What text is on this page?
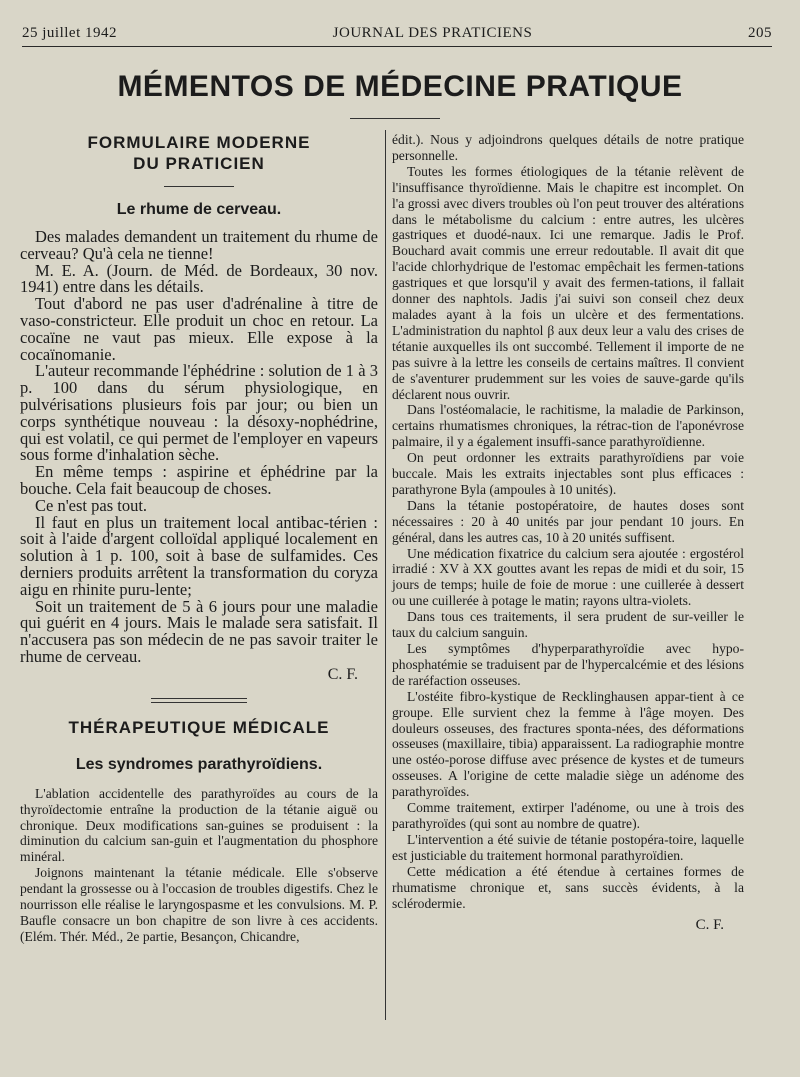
25 juillet 1942	JOURNAL DES PRATICIENS	205
MÉMENTOS DE MÉDECINE PRATIQUE
FORMULAIRE MODERNE
DU PRATICIEN
Le rhume de cerveau.

Des malades demandent un traitement du rhume de cerveau? Qu'à cela ne tienne!

M. E. A. (Journ. de Méd. de Bordeaux, 30 nov. 1941) entre dans les détails.

Tout d'abord ne pas user d'adrénaline à titre de vaso-constricteur. Elle produit un choc en retour. La cocaïne ne vaut pas mieux. Elle expose à la cocaïnomanie.

L'auteur recommande l'éphédrine : solution de 1 à 3 p. 100 dans du sérum physiologique, en pulvérisations plusieurs fois par jour; ou bien un corps synthétique nouveau : la désoxy-nophédrine, qui est volatil, ce qui permet de l'employer en vapeurs sous forme d'inhalation sèche.

En même temps : aspirine et éphédrine par la bouche. Cela fait beaucoup de choses.

Ce n'est pas tout.

Il faut en plus un traitement local antibac-térien : soit à l'aide d'argent colloïdal appliqué localement en solution à 1 p. 100, soit à base de sulfamides. Ces derniers produits arrêtent la transformation du coryza aigu en rhinite puru-lente;

Soit un traitement de 5 à 6 jours pour une maladie qui guérit en 4 jours. Mais le malade sera satisfait. Il n'accusera pas son médecin de ne pas savoir traiter le rhume de cerveau.

C. F.
THÉRAPEUTIQUE MÉDICALE
Les syndromes parathyroïdiens.

L'ablation accidentelle des parathyroïdes au cours de la thyroïdectomie entraîne la production de la tétanie aiguë ou chronique. Deux modifications san-guines se produisent : la diminution du calcium san-guin et l'augmentation du phosphore minéral.

Joignons maintenant la tétanie médicale. Elle s'observe pendant la grossesse ou à l'occasion de troubles digestifs. Chez le nourrisson elle réalise le laryngospasme et les convulsions. M. P. Baufle consacre un bon chapitre de son livre à ces accidents. (Elém. Thér. Méd., 2e partie, Besançon, Chicandre,

édit.). Nous y adjoindrons quelques détails de notre pratique personnelle.

Toutes les formes étiologiques de la tétanie relèvent de l'insuffisance thyroïdienne. Mais le chapitre est incomplet. On l'a grossi avec divers troubles où l'on peut trouver des altérations dans le métabolisme du calcium : entre autres, les ulcères gastriques et duodé-naux. Ici une remarque. Jadis le Prof. Bouchard avait commis une erreur redoutable. Il avait dit que l'acide chlorhydrique de l'estomac empêchait les fermen-tations gastriques et que lorsqu'il y avait des fermen-tations, il fallait donner des naphtols. Jadis j'ai suivi son conseil chez deux malades ayant à la fois un ulcère et des fermentations. L'administration du naphtol β aux deux leur a valu des crises de tétanie auxquelles ils ont succombé. Tellement il importe de ne pas suivre à la lettre les conseils de certains maîtres. Il convient de s'aventurer prudemment sur les voies de sauve-garde qu'ils déclarent nous ouvrir.

Dans l'ostéomalacie, le rachitisme, la maladie de Parkinson, certains rhumatismes chroniques, la rétrac-tion de l'aponévrose palmaire, il y a également insuffi-sance parathyroïdienne.

On peut ordonner les extraits parathyroïdiens par voie buccale. Mais les extraits injectables sont plus efficaces : parathyrone Byla (ampoules à 10 unités).

Dans la tétanie postopératoire, de hautes doses sont nécessaires : 20 à 40 unités par jour pendant 10 jours. En général, dans les autres cas, 10 à 20 unités suffisent.

Une médication fixatrice du calcium sera ajoutée : ergostérol irradié : XV à XX gouttes avant les repas de midi et du soir, 15 jours de temps; huile de foie de morue : une cuillerée à dessert ou une cuillerée à potage le matin; rayons ultra-violets.

Dans tous ces traitements, il sera prudent de sur-veiller le taux du calcium sanguin.

Les symptômes d'hyperparathyroïdie avec hypo-phosphatémie se traduisent par de l'hypercalcémie et des lésions de raréfaction osseuses.

L'ostéite fibro-kystique de Recklinghausen appar-tient à ce groupe. Elle survient chez la femme à l'âge moyen. Des douleurs osseuses, des fractures sponta-nées, des déformations osseuses (maxillaire, tibia) apparaissent. La radiographie montre une ostéo-porose diffuse avec présence de kystes et de tumeurs osseuses. A l'origine de cette maladie siège un adénome des parathyroïdes.

Comme traitement, extirper l'adénome, ou une à trois des parathyroïdes (qui sont au nombre de quatre).

L'intervention a été suivie de tétanie postopéra-toire, laquelle est justiciable du traitement hormonal parathyroïdien.

Cette médication a été étendue à certaines formes de rhumatisme chronique et, sans succès évidents, à la sclérodermie.

C. F.
